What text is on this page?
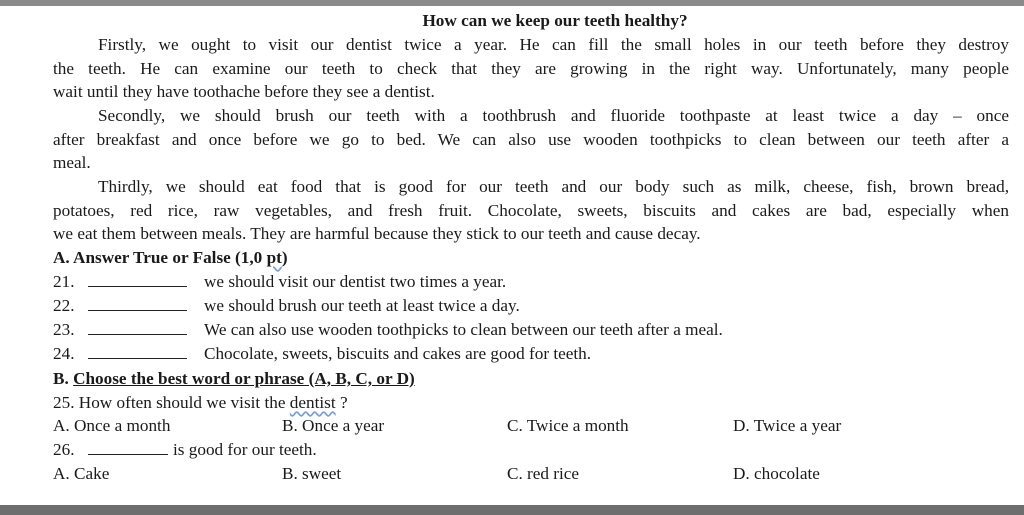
How can we keep our teeth healthy?
Firstly, we ought to visit our dentist twice a year. He can fill the small holes in our teeth before they destroy
the teeth. He can examine our teeth to check that they are growing in the right way. Unfortunately, many people
wait until they have toothache before they see a dentist.
Secondly, we should brush our teeth with a toothbrush and fluoride toothpaste at least twice a day – once
after breakfast and once before we go to bed. We can also use wooden toothpicks to clean between our teeth after a
meal.
Thirdly, we should eat food that is good for our teeth and our body such as milk, cheese, fish, brown bread,
potatoes, red rice, raw vegetables, and fresh fruit. Chocolate, sweets, biscuits and cakes are bad, especially when
we eat them between meals. They are harmful because they stick to our teeth and cause decay.
A. Answer True or False (1,0 pt)
21.	we should visit our dentist two times a year.
22.	we should brush our teeth at least twice a day.
23.	We can also use wooden toothpicks to clean between our teeth after a meal.
24.	Chocolate, sweets, biscuits and cakes are good for teeth.
B. Choose the best word or phrase (A, B, C, or D)
25. How often should we visit the dentist ?
A. Once a month	B. Once a year	C. Twice a month	D. Twice a year
26.	is good for our teeth.
A. Cake	B. sweet	C. red rice	D. chocolate
